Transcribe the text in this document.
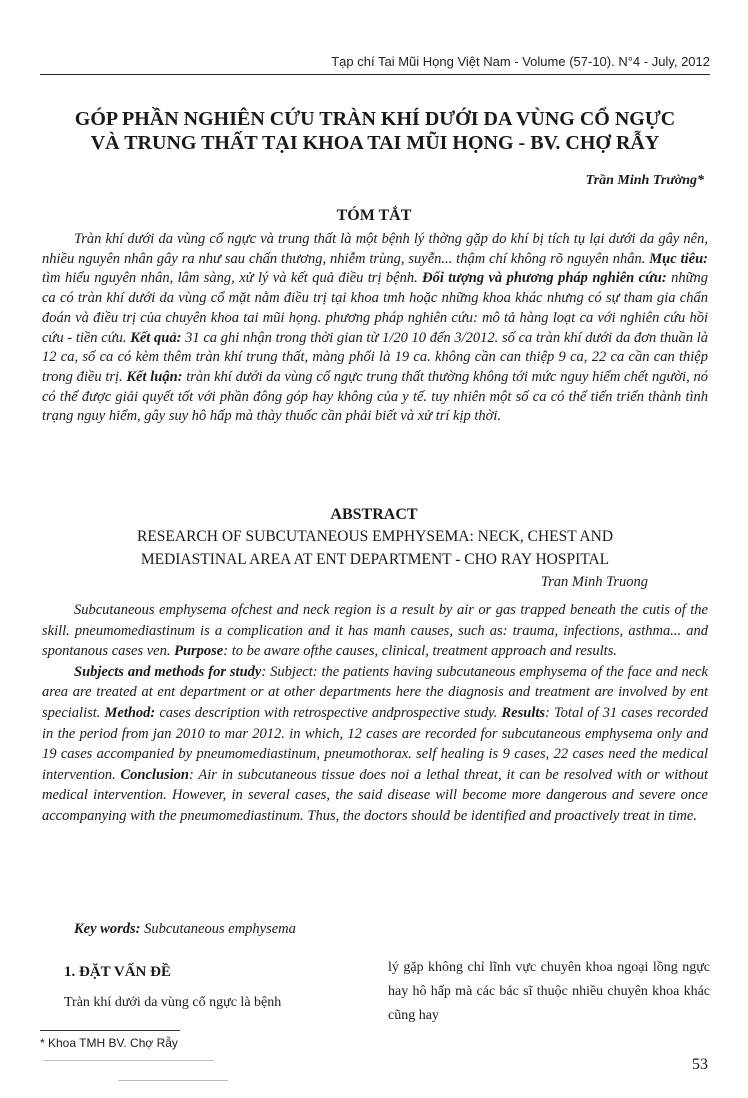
Tạp chí Tai Mũi Họng Việt Nam - Volume (57-10). N°4 - July, 2012
GÓP PHẦN NGHIÊN CỨU TRÀN KHÍ DƯỚI DA VÙNG CỔ NGỰC
VÀ TRUNG THẤT TẠI KHOA TAI MŨI HỌNG - BV. CHỢ RẪY
Trần Minh Trường*
TÓM TẮT
Tràn khí dưới da vùng cổ ngực và trung thất là một bệnh lý thờng gặp do khí bị tích tụ lại dưới da gây nên, nhiều nguyên nhân gây ra như sau chấn thương, nhiễm trùng, suyễn... thậm chí không rõ nguyên nhân. Mục tiêu: tìm hiểu nguyên nhân, lâm sàng, xử lý và kết quả điều trị bệnh. Đối tượng và phương pháp nghiên cứu: những ca có tràn khí dưới da vùng cổ mặt nằm điều trị tại khoa tmh hoặc những khoa khác nhưng có sự tham gia chẩn đoán và điều trị của chuyên khoa tai mũi họng. phương pháp nghiên cứu: mô tả hàng loạt ca với nghiên cứu hồi cứu - tiền cứu. Kết quả: 31 ca ghi nhận trong thời gian từ 1/20 10 đến 3/2012. số ca tràn khí dưới da đơn thuần là 12 ca, số ca có kèm thêm tràn khí trung thất, màng phổi là 19 ca. không cần can thiệp 9 ca, 22 ca cần can thiệp trong điều trị. Kết luận: tràn khí dưới da vùng cổ ngực trung thất thường không tới mức nguy hiểm chết người, nó có thể được giải quyết tốt với phần đông góp hay không của y tế. tuy nhiên một số ca có thể tiến triển thành tình trạng nguy hiểm, gây suy hô hấp mà thày thuốc cần phải biết và xử trí kịp thời.
ABSTRACT
RESEARCH OF SUBCUTANEOUS EMPHYSEMA: NECK, CHEST AND
MEDIASTINAL AREA AT ENT DEPARTMENT - CHO RAY HOSPITAL
Tran Minh Truong

Subcutaneous emphysema ofchest and neck region is a result by air or gas trapped beneath the cutis of the skill. pneumomediastinum is a complication and it has manh causes, such as: trauma, infections, asthma... and spontanous cases ven. Purpose: to be aware ofthe causes, clinical, treatment approach and results.

Subjects and methods for study: Subject: the patients having subcutaneous emphysema of the face and neck area are treated at ent department or at other departments here the diagnosis and treatment are involved by ent specialist. Method: cases description with retrospective andprospective study. Results: Total of 31 cases recorded in the period from jan 2010 to mar 2012. in which, 12 cases are recorded for subcutaneous emphysema only and 19 cases accompanied by pneumomediastinum, pneumothorax. self healing is 9 cases, 22 cases need the medical intervention. Conclusion: Air in subcutaneous tissue does noi a lethal threat, it can be resolved with or without medical intervention. However, in several cases, the said disease will become more dangerous and severe once accompanying with the pneumomediastinum. Thus, the doctors should be identified and proactively treat in time.

Key words: Subcutaneous emphysema
1. ĐẶT VẤN ĐỀ

Tràn khí dưới da vùng cổ ngực là bệnh

lý gặp không chỉ lĩnh vực chuyên khoa ngoại lồng ngực hay hô hấp mà các bác sĩ thuộc nhiều chuyên khoa khác cũng hay
* Khoa TMH BV. Chợ Rẫy
53
